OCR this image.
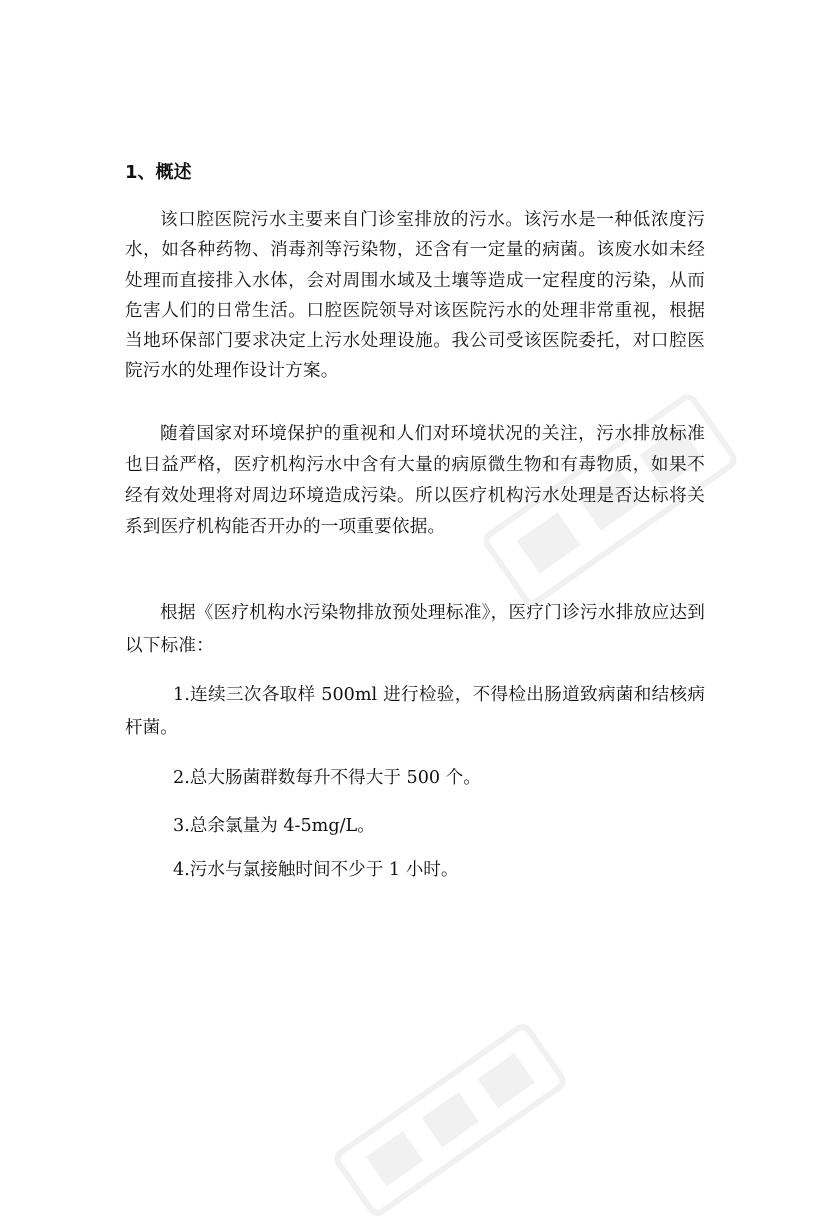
1、概述

该口腔医院污水主要来自门诊室排放的污水。该污水是一种低浓度污水，如各种药物、消毒剂等污染物，还含有一定量的病菌。该废水如未经处理而直接排入水体，会对周围水域及土壤等造成一定程度的污染，从而危害人们的日常生活。口腔医院领导对该医院污水的处理非常重视，根据当地环保部门要求决定上污水处理设施。我公司受该医院委托，对口腔医院污水的处理作设计方案。

随着国家对环境保护的重视和人们对环境状况的关注，污水排放标准也日益严格，医疗机构污水中含有大量的病原微生物和有毒物质，如果不经有效处理将对周边环境造成污染。所以医疗机构污水处理是否达标将关系到医疗机构能否开办的一项重要依据。

根据《医疗机构水污染物排放预处理标准》，医疗门诊污水排放应达到以下标准：

1.连续三次各取样 500ml 进行检验，不得检出肠道致病菌和结核病杆菌。

2.总大肠菌群数每升不得大于 500 个。

3.总余氯量为 4-5mg/L。

4.污水与氯接触时间不少于 1 小时。
